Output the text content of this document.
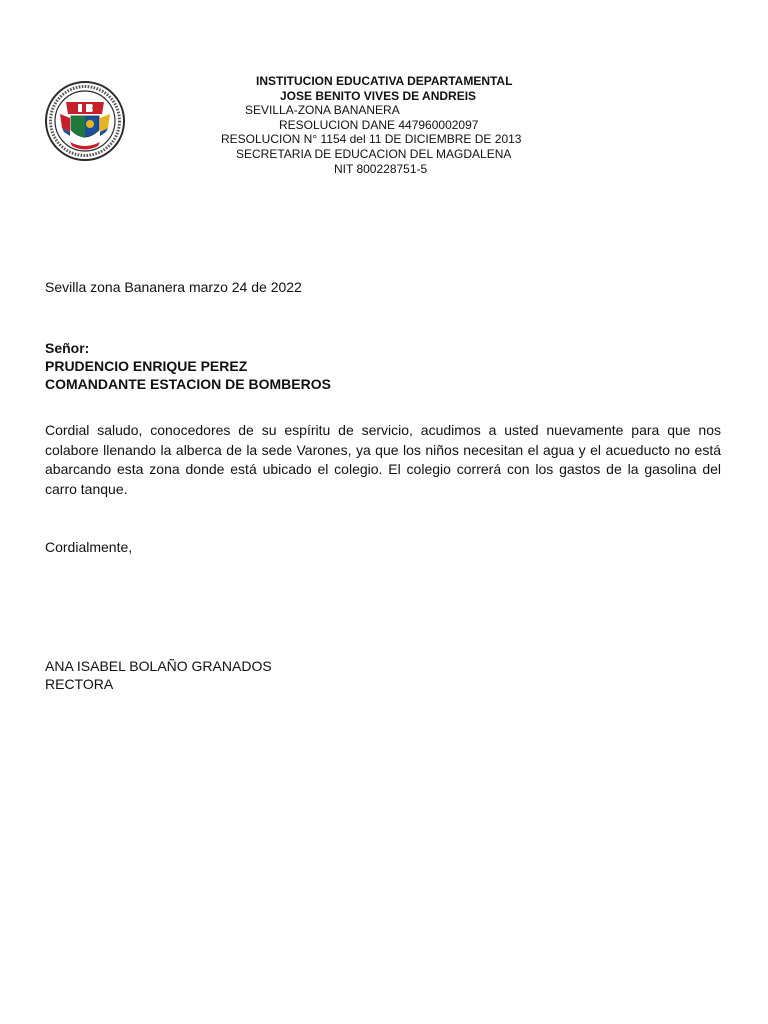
INSTITUCION EDUCATIVA DEPARTAMENTAL
JOSE BENITO VIVES DE ANDREIS
SEVILLA-ZONA BANANERA
RESOLUCION DANE 447960002097
RESOLUCION N° 1154 del 11 DE DICIEMBRE DE 2013
SECRETARIA DE EDUCACION DEL MAGDALENA
NIT 800228751-5
Sevilla zona Bananera marzo 24 de 2022
Señor:
PRUDENCIO ENRIQUE PEREZ
COMANDANTE ESTACION DE BOMBEROS

Cordial saludo, conocedores de su espíritu de servicio, acudimos a usted nuevamente para que nos colabore llenando la alberca de la sede Varones, ya que los niños necesitan el agua y el acueducto no está abarcando esta zona donde está ubicado el colegio. El colegio correrá con los gastos de la gasolina del carro tanque.

Cordialmente,
ANA ISABEL BOLAÑO GRANADOS
RECTORA
